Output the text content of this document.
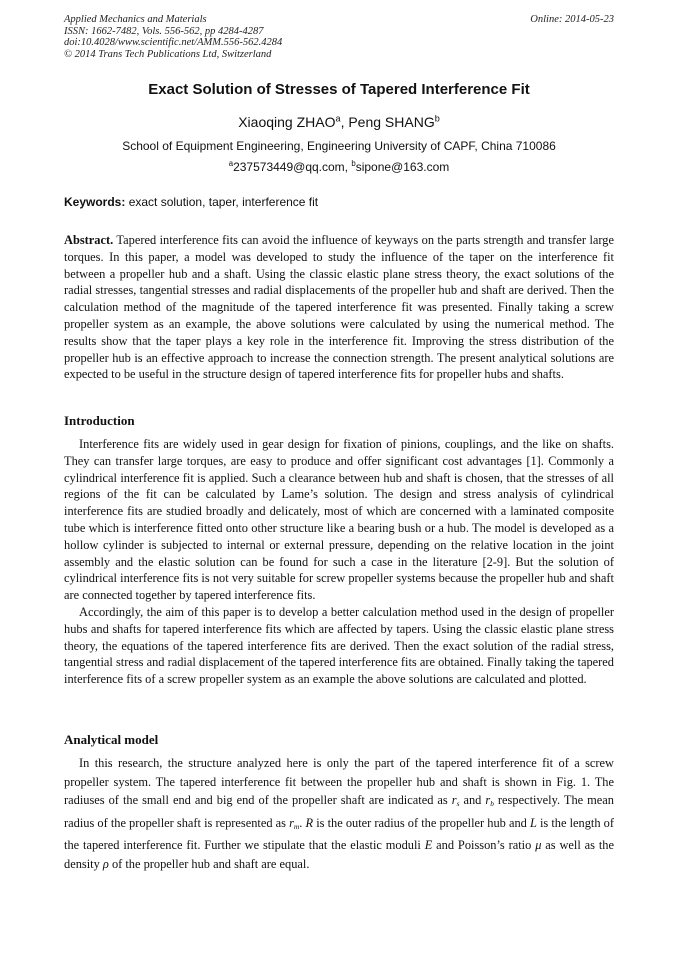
Applied Mechanics and Materials
ISSN: 1662-7482, Vols. 556-562, pp 4284-4287
doi:10.4028/www.scientific.net/AMM.556-562.4284
© 2014 Trans Tech Publications Ltd, Switzerland
Online: 2014-05-23
Exact Solution of Stresses of Tapered Interference Fit
Xiaoqing ZHAO$^a$, Peng SHANG$^b$
School of Equipment Engineering, Engineering University of CAPF, China 710086
$^a$237573449@qq.com, $^b$sipone@163.com
Keywords: exact solution, taper, interference fit

Abstract. Tapered interference fits can avoid the influence of keyways on the parts strength and transfer large torques. In this paper, a model was developed to study the influence of the taper on the interference fit between a propeller hub and a shaft. Using the classic elastic plane stress theory, the exact solutions of the radial stresses, tangential stresses and radial displacements of the propeller hub and shaft are derived. Then the calculation method of the magnitude of the tapered interference fit was presented. Finally taking a screw propeller system as an example, the above solutions were calculated by using the numerical method. The results show that the taper plays a key role in the interference fit. Improving the stress distribution of the propeller hub is an effective approach to increase the connection strength. The present analytical solutions are expected to be useful in the structure design of tapered interference fits for propeller hubs and shafts.

Introduction

Interference fits are widely used in gear design for fixation of pinions, couplings, and the like on shafts. They can transfer large torques, are easy to produce and offer significant cost advantages [1]. Commonly a cylindrical interference fit is applied. Such a clearance between hub and shaft is chosen, that the stresses of all regions of the fit can be calculated by Lame’s solution. The design and stress analysis of cylindrical interference fits are studied broadly and delicately, most of which are concerned with a laminated composite tube which is interference fitted onto other structure like a bearing bush or a hub. The model is developed as a hollow cylinder is subjected to internal or external pressure, depending on the relative location in the joint assembly and the elastic solution can be found for such a case in the literature [2-9]. But the solution of cylindrical interference fits is not very suitable for screw propeller systems because the propeller hub and shaft are connected together by tapered interference fits.

Accordingly, the aim of this paper is to develop a better calculation method used in the design of propeller hubs and shafts for tapered interference fits which are affected by tapers. Using the classic elastic plane stress theory, the equations of the tapered interference fits are derived. Then the exact solution of the radial stress, tangential stress and radial displacement of the tapered interference fits are obtained. Finally taking the tapered interference fits of a screw propeller system as an example the above solutions are calculated and plotted.

Analytical model

In this research, the structure analyzed here is only the part of the tapered interference fit of a screw propeller system. The tapered interference fit between the propeller hub and shaft is shown in Fig. 1. The radiuses of the small end and big end of the propeller shaft are indicated as $r_s$ and $r_b$ respectively. The mean radius of the propeller shaft is represented as $r_m$. R is the outer radius of the propeller hub and L is the length of the tapered interference fit. Further we stipulate that the elastic moduli E and Poisson’s ratio μ as well as the density ρ of the propeller hub and shaft are equal.
